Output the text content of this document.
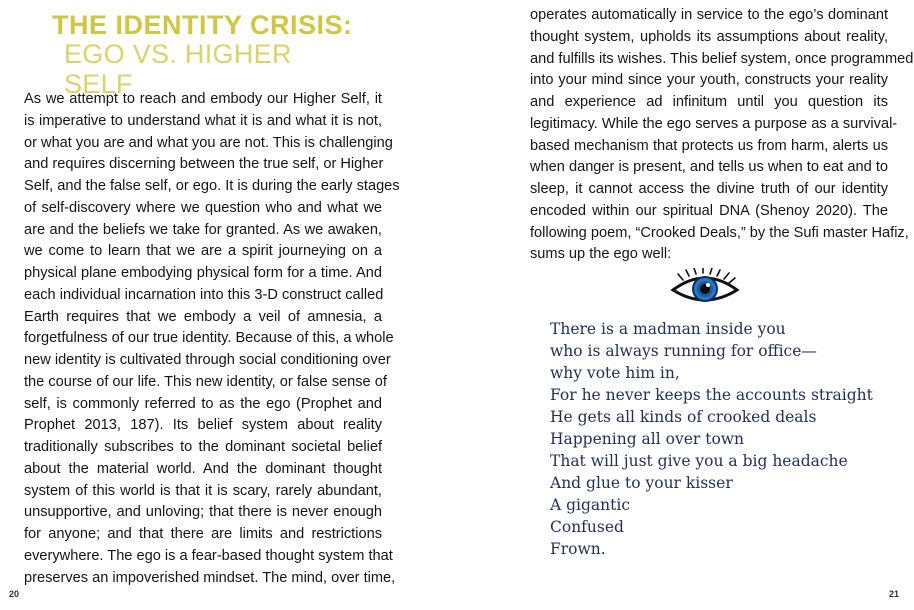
THE IDENTITY CRISIS:
EGO VS. HIGHER SELF
20
As we attempt to reach and embody our Higher Self, it
is imperative to understand what it is and what it is not,
or what you are and what you are not. This is challenging
and requires discerning between the true self, or Higher
Self, and the false self, or ego. It is during the early stages
of self-discovery where we question who and what we
are and the beliefs we take for granted. As we awaken,
we come to learn that we are a spirit journeying on a
physical plane embodying physical form for a time. And
each individual incarnation into this 3-D construct called
Earth requires that we embody a veil of amnesia, a
forgetfulness of our true identity. Because of this, a whole
new identity is cultivated through social conditioning over
the course of our life. This new identity, or false sense of
self, is commonly referred to as the ego (Prophet and
Prophet 2013, 187). Its belief system about reality
traditionally subscribes to the dominant societal belief
about the material world. And the dominant thought
system of this world is that it is scary, rarely abundant,
unsupportive, and unloving; that there is never enough
for anyone; and that there are limits and restrictions
everywhere. The ego is a fear-based thought system that
preserves an impoverished mindset. The mind, over time,
21
operates automatically in service to the ego’s dominant
thought system, upholds its assumptions about reality,
and fulfills its wishes. This belief system, once programmed
into your mind since your youth, constructs your reality
and experience ad infinitum until you question its
legitimacy. While the ego serves a purpose as a survival-
based mechanism that protects us from harm, alerts us
when danger is present, and tells us when to eat and to
sleep, it cannot access the divine truth of our identity
encoded within our spiritual DNA (Shenoy 2020). The
following poem, “Crooked Deals,” by the Sufi master Hafiz,
sums up the ego well:
There is a madman inside you
who is always running for office—
why vote him in,
For he never keeps the accounts straight
He gets all kinds of crooked deals
Happening all over town
That will just give you a big headache
And glue to your kisser
A gigantic
Confused
Frown.
